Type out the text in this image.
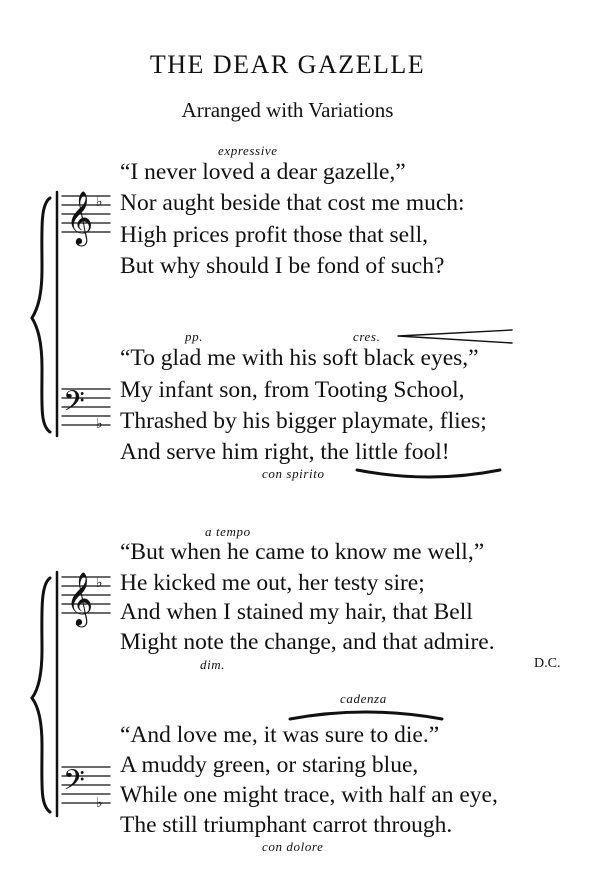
THE DEAR GAZELLE
Arranged with Variations
expressive
“I never loved a dear gazelle,”
Nor aught beside that cost me much:
High prices profit those that sell,
But why should I be fond of such?
pp.	cres.
“To glad me with his soft black eyes,”
My infant son, from Tooting School,
Thrashed by his bigger playmate, flies;
And serve him right, the little fool!
con spirito
a tempo
“But when he came to know me well,”
He kicked me out, her testy sire;
And when I stained my hair, that Bell
Might note the change, and that admire.
dim.	D.C.
cadenza
“And love me, it was sure to die.”
A muddy green, or staring blue,
While one might trace, with half an eye,
The still triumphant carrot through.
con dolore
𝄞 ♭
𝄢 ♭
𝄞 ♭
𝄢 ♭
